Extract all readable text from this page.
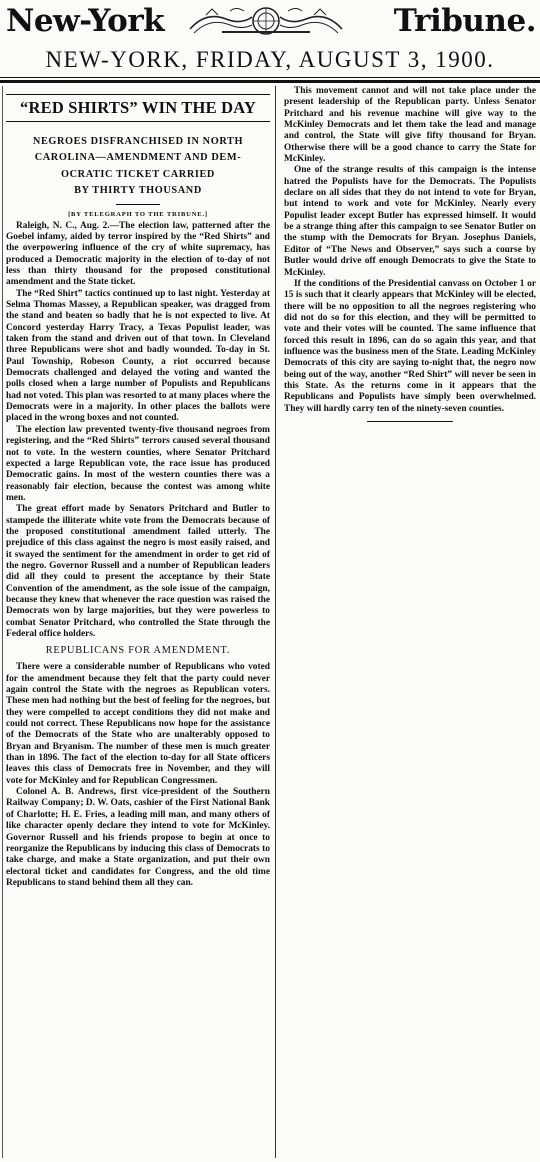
New-York	Tribune.
NEW-YORK, FRIDAY, AUGUST 3, 1900.
“RED SHIRTS” WIN THE DAY
NEGROES DISFRANCHISED IN NORTH
CAROLINA—AMENDMENT AND DEM-
OCRATIC TICKET CARRIED
BY THIRTY THOUSAND
[BY TELEGRAPH TO THE TRIBUNE.]

Raleigh, N. C., Aug. 2.—The election law, patterned after the Goebel infamy, aided by terror inspired by the “Red Shirts” and the overpowering influence of the cry of white supremacy, has produced a Democratic majority in the election of to-day of not less than thirty thousand for the proposed constitutional amendment and the State ticket.

The “Red Shirt” tactics continued up to last night. Yesterday at Selma Thomas Massey, a Republican speaker, was dragged from the stand and beaten so badly that he is not expected to live. At Concord yesterday Harry Tracy, a Texas Populist leader, was taken from the stand and driven out of that town. In Cleveland three Republicans were shot and badly wounded. To-day in St. Paul Township, Robeson County, a riot occurred because Democrats challenged and delayed the voting and wanted the polls closed when a large number of Populists and Republicans had not voted. This plan was resorted to at many places where the Democrats were in a majority. In other places the ballots were placed in the wrong boxes and not counted.

The election law prevented twenty-five thousand negroes from registering, and the “Red Shirts” terrors caused several thousand not to vote. In the western counties, where Senator Pritchard expected a large Republican vote, the race issue has produced Democratic gains. In most of the western counties there was a reasonably fair election, because the contest was among white men.

The great effort made by Senators Pritchard and Butler to stampede the illiterate white vote from the Democrats because of the proposed constitutional amendment failed utterly. The prejudice of this class against the negro is most easily raised, and it swayed the sentiment for the amendment in order to get rid of the negro. Governor Russell and a number of Republican leaders did all they could to present the acceptance by their State Convention of the amendment, as the sole issue of the campaign, because they knew that whenever the race question was raised the Democrats won by large majorities, but they were powerless to combat Senator Pritchard, who controlled the State through the Federal office holders.

REPUBLICANS FOR AMENDMENT.

There were a considerable number of Republicans who voted for the amendment because they felt that the party could never again control the State with the negroes as Republican voters. These men had nothing but the best of feeling for the negroes, but they were compelled to accept conditions they did not make and could not correct. These Republicans now hope for the assistance of the Democrats of the State who are unalterably opposed to Bryan and Bryanism. The number of these men is much greater than in 1896. The fact of the election to-day for all State officers leaves this class of Democrats free in November, and they will vote for McKinley and for Republican Congressmen.

Colonel A. B. Andrews, first vice-president of the Southern Railway Company; D. W. Oats, cashier of the First National Bank of Charlotte; H. E. Fries, a leading mill man, and many others of like character openly declare they intend to vote for McKinley. Governor Russell and his friends propose to begin at once to reorganize the Republicans by inducing this class of Democrats to take charge, and make a State organization, and put their own electoral ticket and candidates for Congress, and the old time Republicans to stand behind them all they can.

This movement cannot and will not take place under the present leadership of the Republican party. Unless Senator Pritchard and his revenue machine will give way to the McKinley Democrats and let them take the lead and manage and control, the State will give fifty thousand for Bryan. Otherwise there will be a good chance to carry the State for McKinley.

One of the strange results of this campaign is the intense hatred the Populists have for the Democrats. The Populists declare on all sides that they do not intend to vote for Bryan, but intend to work and vote for McKinley. Nearly every Populist leader except Butler has expressed himself. It would be a strange thing after this campaign to see Senator Butler on the stump with the Democrats for Bryan. Josephus Daniels, Editor of “The News and Observer,” says such a course by Butler would drive off enough Democrats to give the State to McKinley.

If the conditions of the Presidential canvass on October 1 or 15 is such that it clearly appears that McKinley will be elected, there will be no opposition to all the negroes registering who did not do so for this election, and they will be permitted to vote and their votes will be counted. The same influence that forced this result in 1896, can do so again this year, and that influence was the business men of the State. Leading McKinley Democrats of this city are saying to-night that, the negro now being out of the way, another “Red Shirt” will never be seen in this State. As the returns come in it appears that the Republicans and Populists have simply been overwhelmed. They will hardly carry ten of the ninety-seven counties.
